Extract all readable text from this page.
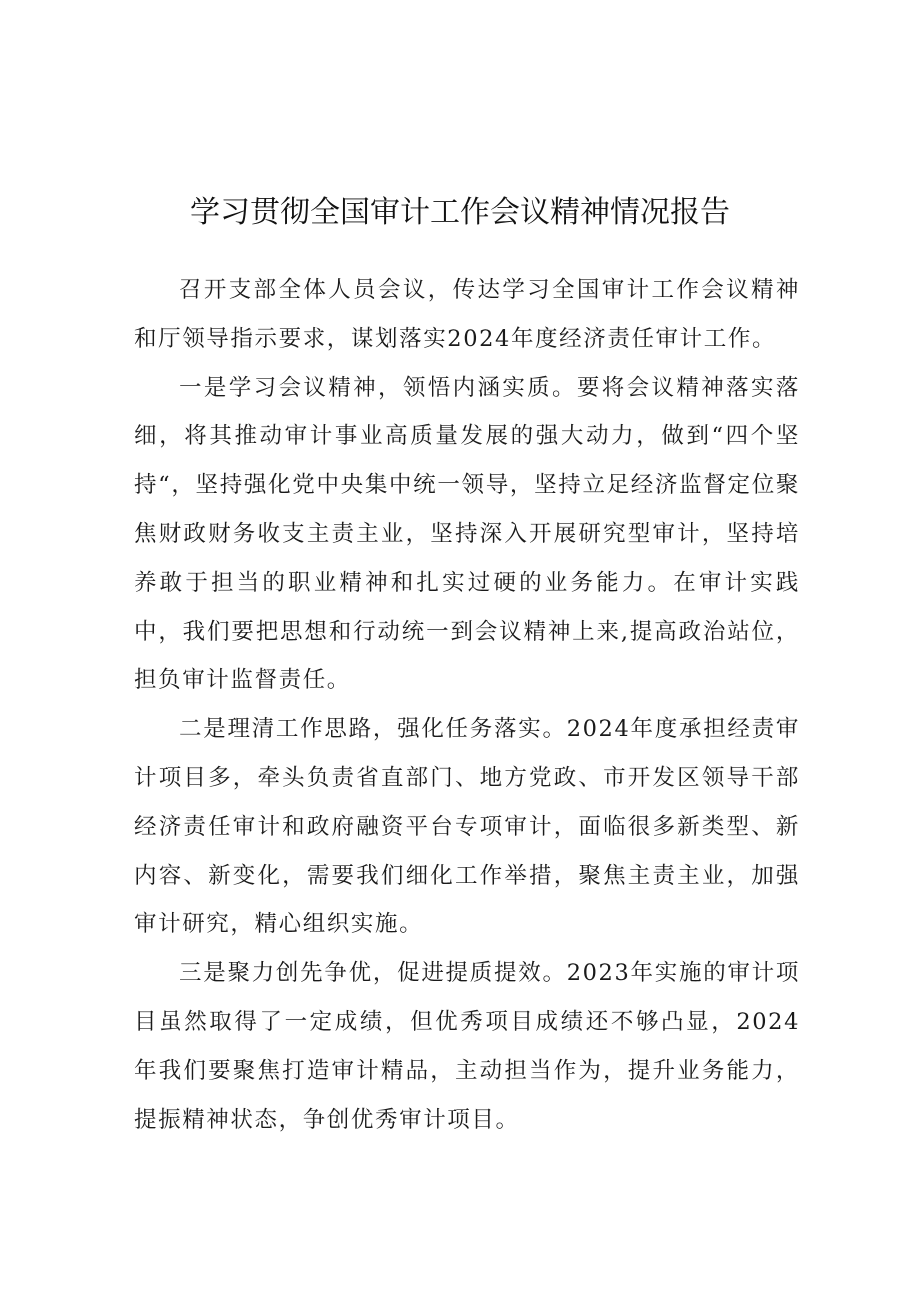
学习贯彻全国审计工作会议精神情况报告

召开支部全体人员会议，传达学习全国审计工作会议精神和厅领导指示要求，谋划落实2024年度经济责任审计工作。

一是学习会议精神，领悟内涵实质。要将会议精神落实落细，将其推动审计事业高质量发展的强大动力，做到“四个坚持“，坚持强化党中央集中统一领导，坚持立足经济监督定位聚焦财政财务收支主责主业，坚持深入开展研究型审计，坚持培养敢于担当的职业精神和扎实过硬的业务能力。在审计实践中，我们要把思想和行动统一到会议精神上来,提高政治站位，担负审计监督责任。

二是理清工作思路，强化任务落实。2024年度承担经责审计项目多，牵头负责省直部门、地方党政、市开发区领导干部经济责任审计和政府融资平台专项审计，面临很多新类型、新内容、新变化，需要我们细化工作举措，聚焦主责主业，加强审计研究，精心组织实施。

三是聚力创先争优，促进提质提效。2023年实施的审计项目虽然取得了一定成绩，但优秀项目成绩还不够凸显，2024年我们要聚焦打造审计精品，主动担当作为，提升业务能力，提振精神状态，争创优秀审计项目。
